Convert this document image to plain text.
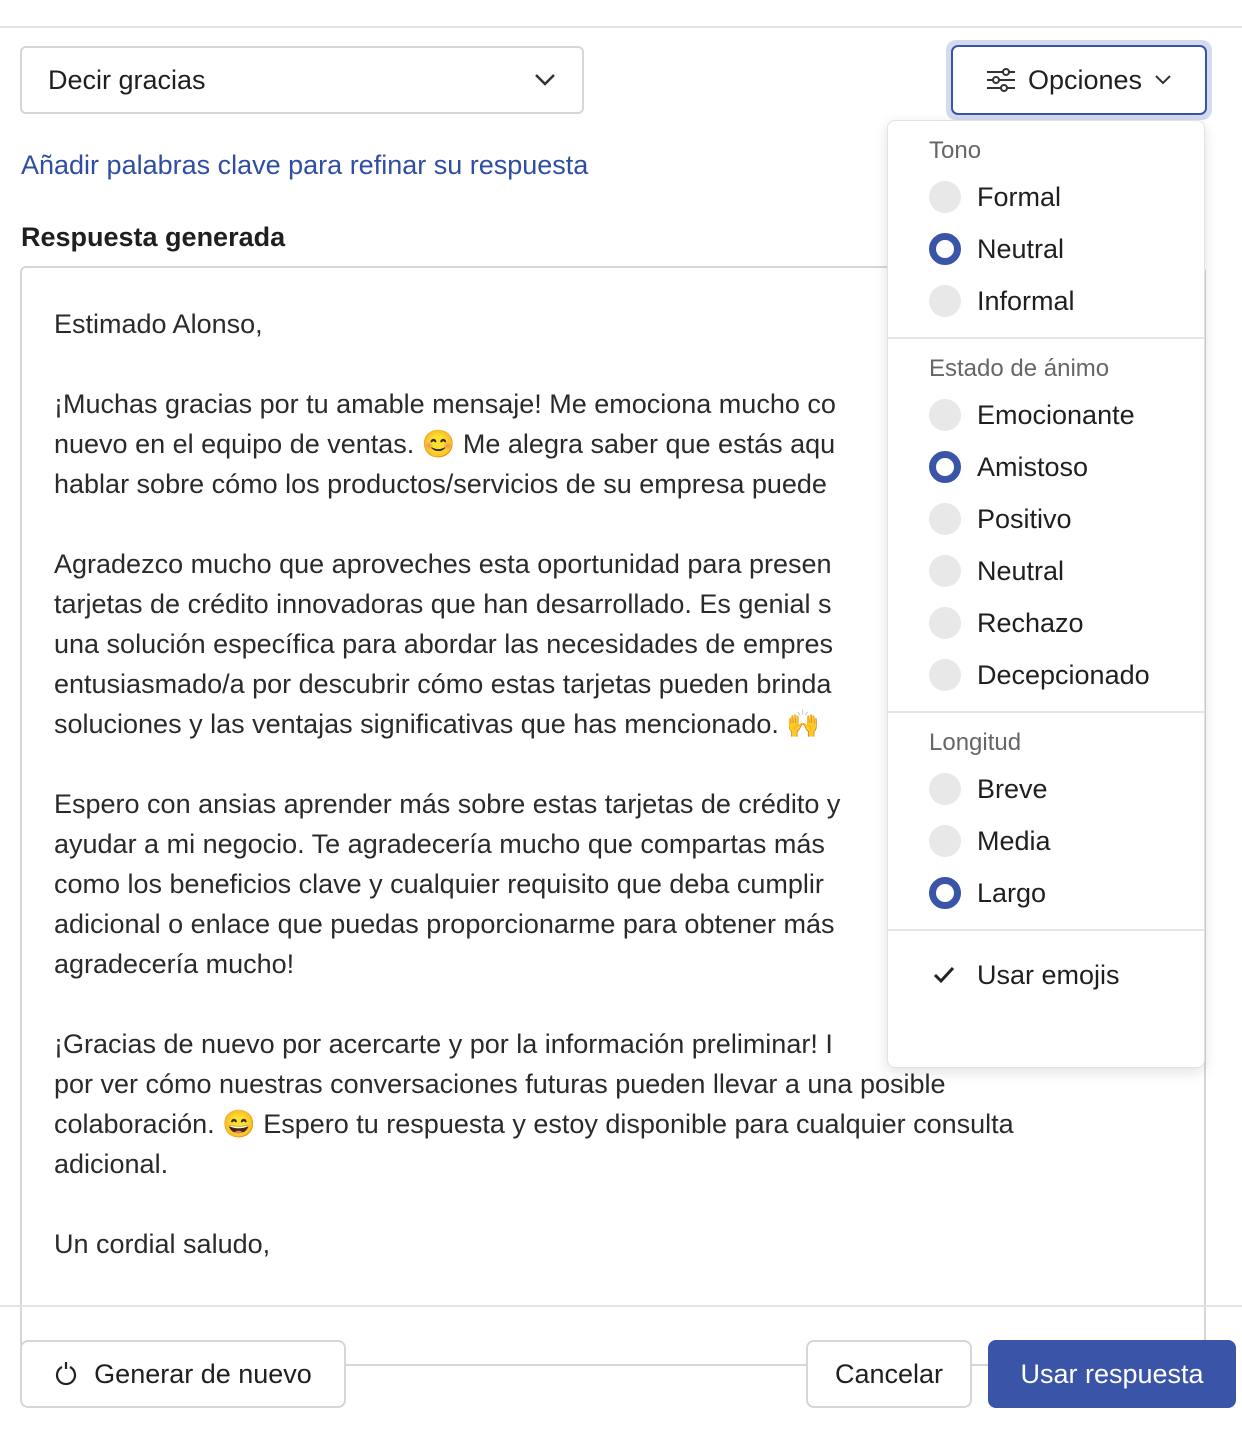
Decir gracias	Opciones
Añadir palabras clave para refinar su respuesta
Respuesta generada
Estimado Alonso,
¡Muchas gracias por tu amable mensaje! Me emociona mucho co
nuevo en el equipo de ventas. 😊 Me alegra saber que estás aqu
hablar sobre cómo los productos/servicios de su empresa puede
Agradezco mucho que aproveches esta oportunidad para presen
tarjetas de crédito innovadoras que han desarrollado. Es genial s
una solución específica para abordar las necesidades de empres
entusiasmado/a por descubrir cómo estas tarjetas pueden brinda
soluciones y las ventajas significativas que has mencionado. 🙌
Espero con ansias aprender más sobre estas tarjetas de crédito y
ayudar a mi negocio. Te agradecería mucho que compartas más
como los beneficios clave y cualquier requisito que deba cumplir
adicional o enlace que puedas proporcionarme para obtener más
agradecería mucho!
¡Gracias de nuevo por acercarte y por la información preliminar! I
por ver cómo nuestras conversaciones futuras pueden llevar a una posible
colaboración. 😄 Espero tu respuesta y estoy disponible para cualquier consulta
adicional.
Un cordial saludo,
Generar de nuevo	Cancelar	Usar respuesta
Tono
Formal
Neutral
Informal
Estado de ánimo
Emocionante
Amistoso
Positivo
Neutral
Rechazo
Decepcionado
Longitud
Breve
Media
Largo
Usar emojis
